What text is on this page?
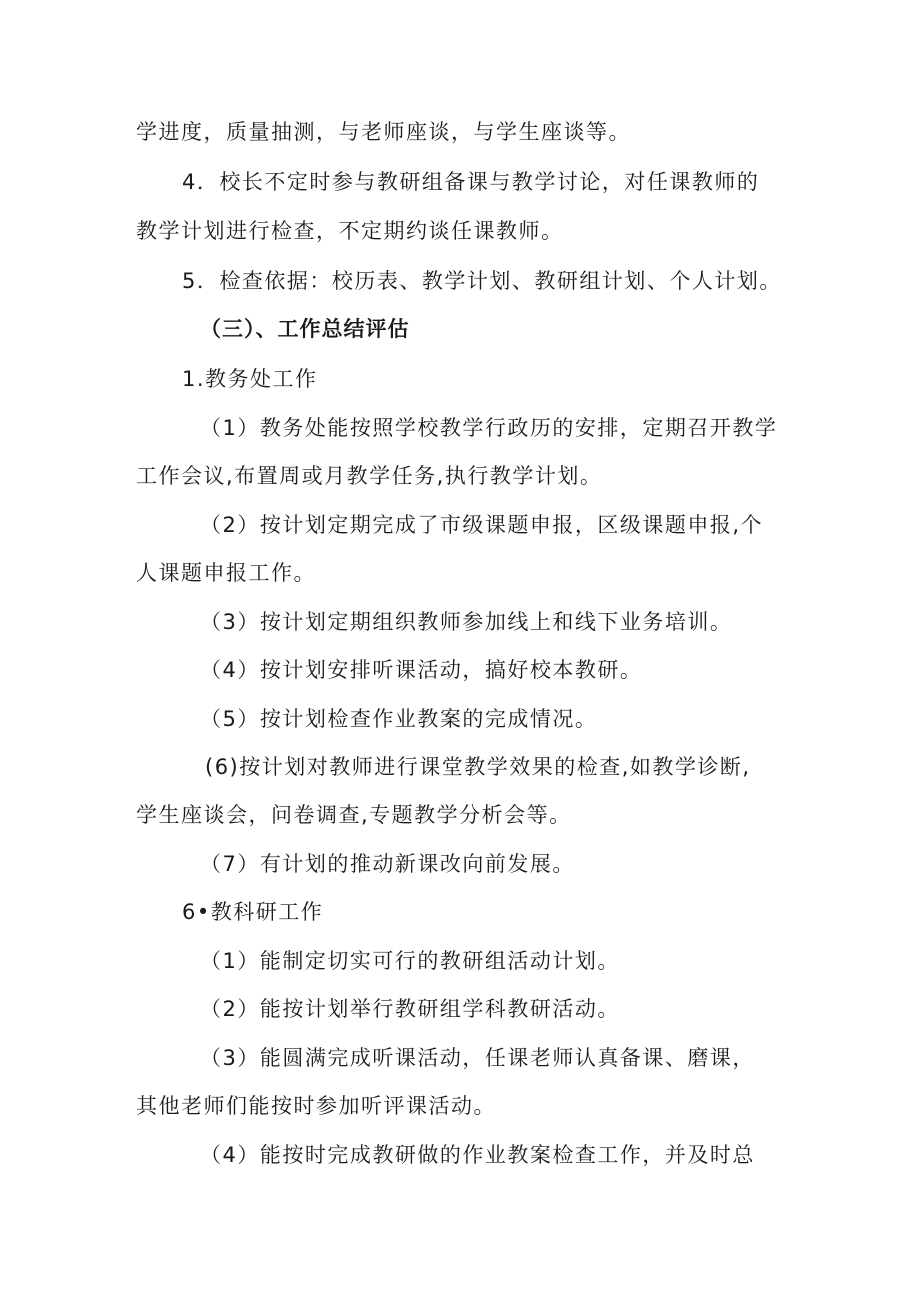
学进度，质量抽测，与老师座谈，与学生座谈等。
4．校长不定时参与教研组备课与教学讨论，对任课教师的
教学计划进行检查，不定期约谈任课教师。
5．检查依据：校历表、教学计划、教研组计划、个人计划。
（三）、工作总结评估
1.教务处工作
（1）教务处能按照学校教学行政历的安排，定期召开教学
工作会议,布置周或月教学任务,执行教学计划。
（2）按计划定期完成了市级课题申报，区级课题申报,个
人课题申报工作。
（3）按计划定期组织教师参加线上和线下业务培训。
（4）按计划安排听课活动，搞好校本教研。
（5）按计划检查作业教案的完成情况。
(6)按计划对教师进行课堂教学效果的检查,如教学诊断,
学生座谈会，问卷调查,专题教学分析会等。
（7）有计划的推动新课改向前发展。
6•教科研工作
（1）能制定切实可行的教研组活动计划。
（2）能按计划举行教研组学科教研活动。
（3）能圆满完成听课活动，任课老师认真备课、磨课，
其他老师们能按时参加听评课活动。
（4）能按时完成教研做的作业教案检查工作，并及时总
